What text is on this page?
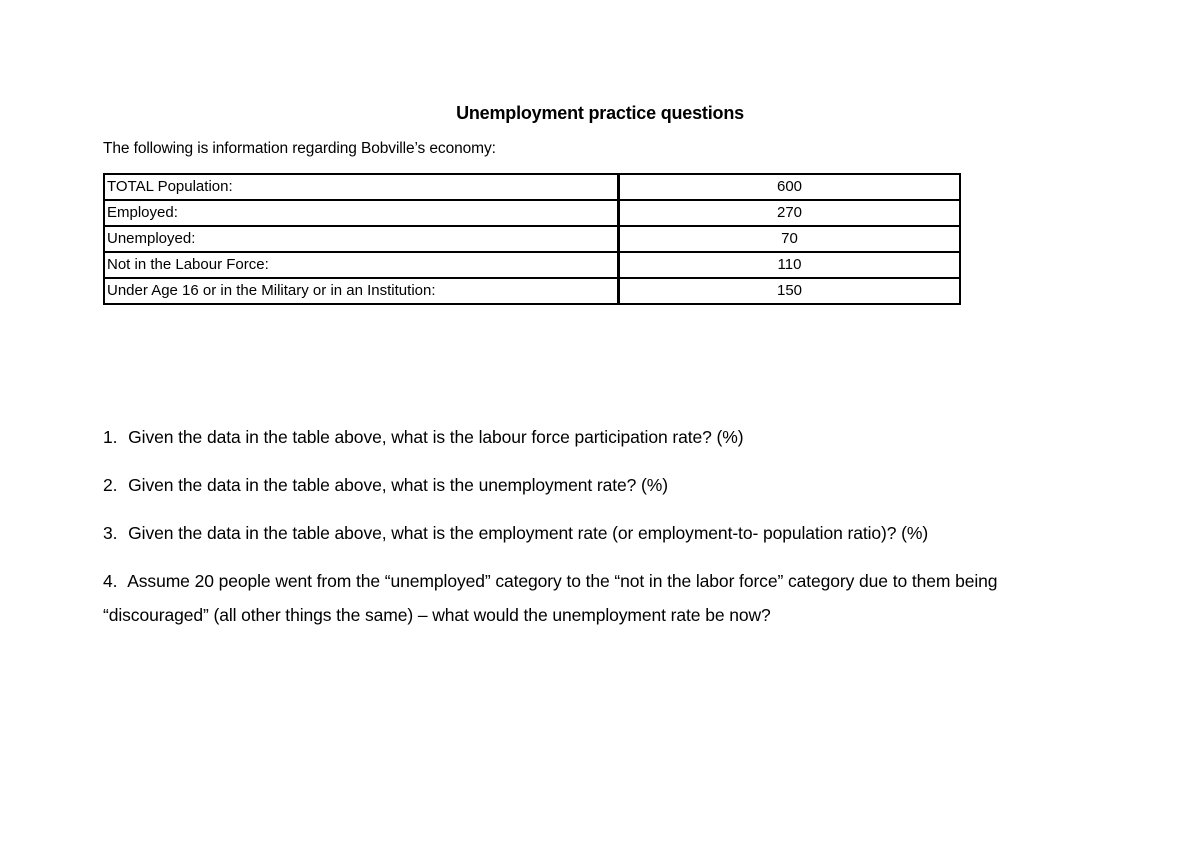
Unemployment practice questions
The following is information regarding Bobville’s economy:
TOTAL Population:	600
Employed:	270
Unemployed:	70
Not in the Labour Force:	110
Under Age 16 or in the Military or in an Institution:	150
1. Given the data in the table above, what is the labour force participation rate? (%)
2. Given the data in the table above, what is the unemployment rate? (%)
3. Given the data in the table above, what is the employment rate (or employment-to- population ratio)? (%)
4. Assume 20 people went from the “unemployed” category to the “not in the labor force” category due to them being “discouraged” (all other things the same) – what would the unemployment rate be now?
